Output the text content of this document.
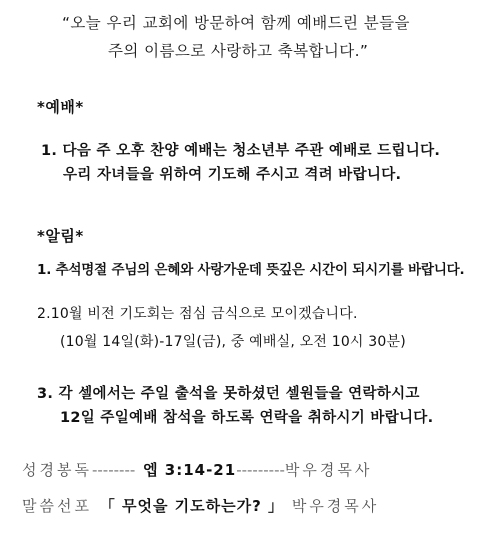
“오늘 우리 교회에 방문하여 함께 예배드린 분들을
주의 이름으로 사랑하고 축복합니다.”
*예배*
1. 다음 주 오후 찬양 예배는 청소년부 주관 예배로 드립니다.
우리 자녀들을 위하여 기도해 주시고 격려 바랍니다.
*알림*
1. 추석명절 주님의 은혜와 사랑가운데 뜻깊은 시간이 되시기를 바랍니다.
2.10월 비전 기도회는 점심 금식으로 모이겠습니다.
(10월 14일(화)-17일(금), 중 예배실, 오전 10시 30분)
3. 각 셀에서는 주일 출석을 못하셨던 셀원들을 연락하시고
12일 주일예배 참석을 하도록 연락을 취하시기 바랍니다.
성경봉독-------- 엡 3:14-21---------박우경목사
말씀선포 「 무엇을 기도하는가? 」 박우경목사
